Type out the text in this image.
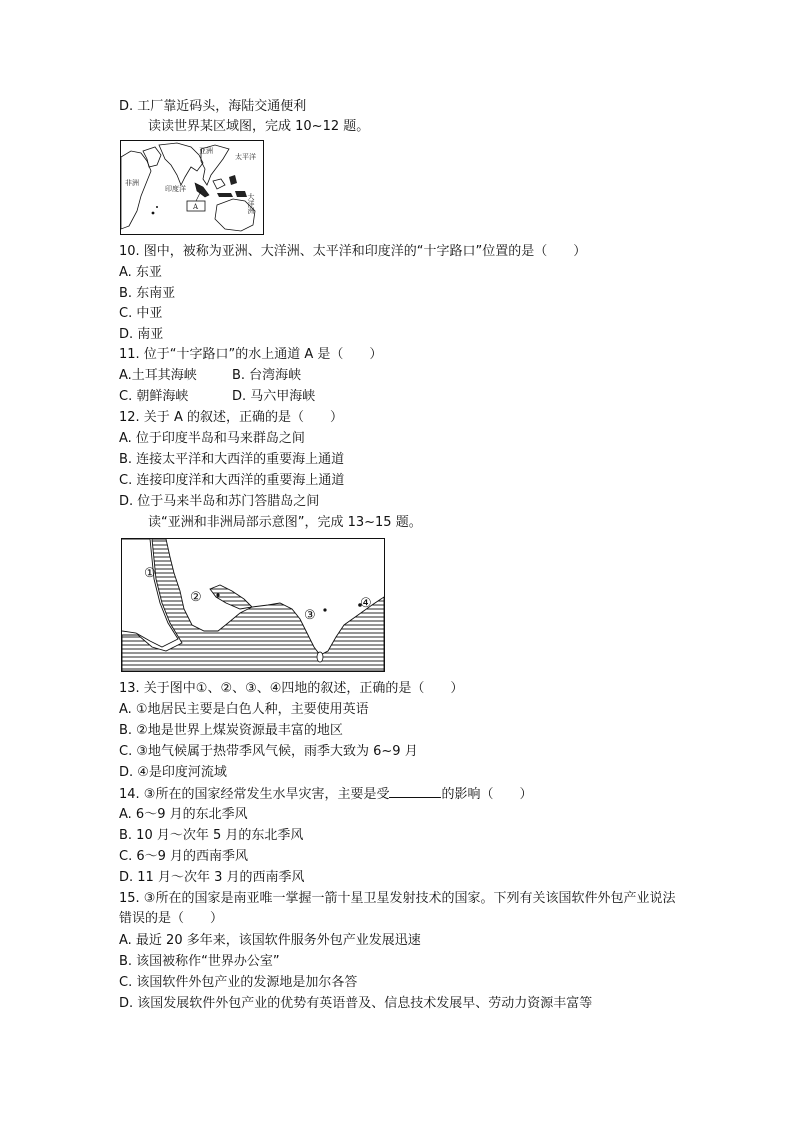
D. 工厂靠近码头，海陆交通便利
读读世界某区域图，完成 10~12 题。
A
亚洲
太平洋
非洲
印度洋
大洋洲
10. 图中，被称为亚洲、大洋洲、太平洋和印度洋的“十字路口”位置的是（　　）
A. 东亚
B. 东南亚
C. 中亚
D. 南亚
11. 位于“十字路口”的水上通道 A 是（　　）
A.土耳其海峡	B. 台湾海峡
C. 朝鲜海峡	D. 马六甲海峡
12. 关于 A 的叙述，正确的是（　　）
A. 位于印度半岛和马来群岛之间
B. 连接太平洋和大西洋的重要海上通道
C. 连接印度洋和大西洋的重要海上通道
D. 位于马来半岛和苏门答腊岛之间
读“亚洲和非洲局部示意图”，完成 13~15 题。
①
②
③
④
13. 关于图中①、②、③、④四地的叙述，正确的是（　　）
A. ①地居民主要是白色人种，主要使用英语
B. ②地是世界上煤炭资源最丰富的地区
C. ③地气候属于热带季风气候，雨季大致为 6~9 月
D. ④是印度河流域
14. ③所在的国家经常发生水旱灾害，主要是受	的影响（　　）
A. 6～9 月的东北季风
B. 10 月～次年 5 月的东北季风
C. 6～9 月的西南季风
D. 11 月～次年 3 月的西南季风
15. ③所在的国家是南亚唯一掌握一箭十星卫星发射技术的国家。下列有关该国软件外包产业说法错误的是（　　）
A. 最近 20 多年来，该国软件服务外包产业发展迅速
B. 该国被称作“世界办公室”
C. 该国软件外包产业的发源地是加尔各答
D. 该国发展软件外包产业的优势有英语普及、信息技术发展早、劳动力资源丰富等
